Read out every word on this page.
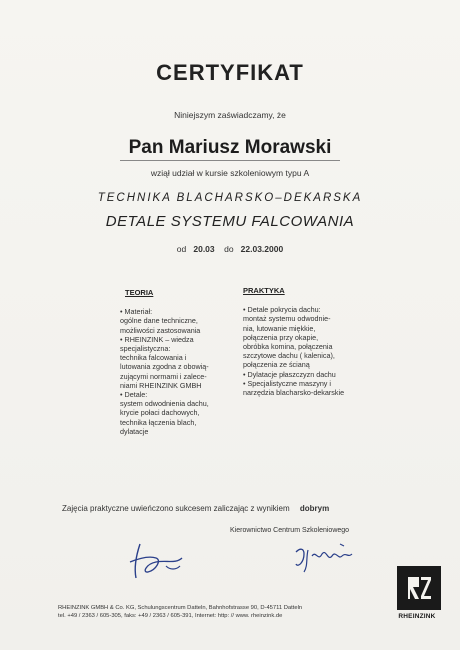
CERTYFIKAT
Niniejszym zaświadczamy, że
Pan Mariusz Morawski
wziął udział w kursie szkoleniowym typu A
TECHNIKA BLACHARSKO–DEKARSKA
DETALE SYSTEMU FALCOWANIA
od 20.03 do 22.03.2000
TEORIA
• Materiał:
ogólne dane techniczne,
możliwości zastosowania
• RHEINZINK – wiedza
specjalistyczna:
technika falcowania i
lutowania zgodna z obowią-
zującymi normami i zalece-
niami RHEINZINK GMBH
• Detale:
system odwodnienia dachu,
krycie połaci dachowych,
technika łączenia blach,
dylatacje
PRAKTYKA
• Detale pokrycia dachu:
montaż systemu odwodnie-
nia, lutowanie miękkie,
połączenia przy okapie,
obróbka komina, połączenia
szczytowe dachu ( kalenica),
połączenia ze ścianą
• Dylatacje płaszczyzn dachu
• Specjalistyczne maszyny i
narzędzia blacharsko-dekarskie
Zajęcia praktyczne uwieńczono sukcesem zaliczając z wynikiem dobrym
Kierownictwo Centrum Szkoleniowego
RHEINZINK GMBH & Co. KG, Schulungscentrum Datteln, Bahnhofstrasse 90, D-45711 Datteln
tel. +49 / 2363 / 605-305, faks: +49 / 2363 / 605-391, Internet: http: // www. rheinzink.de	RHEINZINK
